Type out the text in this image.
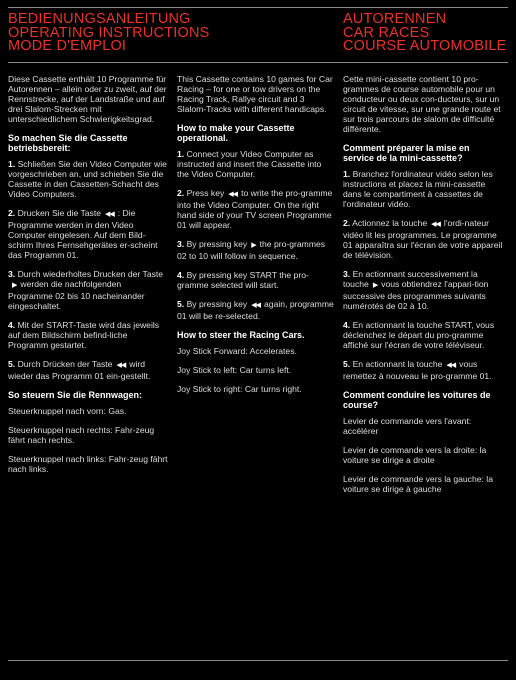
BEDIENUNGSANLEITUNG
OPERATING INSTRUCTIONS
MODE D'EMPLOI
AUTORENNEN
CAR RACES
COURSE AUTOMOBILE

Diese Cassette enthält 10 Programme für Autorennen – allein oder zu zweit, auf der Rennstrecke, auf der Landstraße und auf drei Slalom-Strecken mit unterschiedlichem Schwierigkeitsgrad.

So machen Sie die Cassette betriebsbereit:

1. Schließen Sie den Video Computer wie vorgeschrieben an, und schieben Sie die Cassette in den Cassetten-Schacht des Video Computers.

2. Drucken Sie die Taste ◀◀ : Die Programme werden in den Video Computer eingelesen. Auf dem Bild-schirm Ihres Fernsehgerätes er-scheint das Programm 01.

3. Durch wiederholtes Drucken der Taste▶ werden die nachfolgenden Programme 02 bis 10 nacheinander eingeschaltet.

4. Mit der START-Taste wird das jeweils auf dem Bildschirm befind-liche Programm gestartet.

5. Durch Drücken der Taste ◀◀ wird wieder das Programm 01 ein-gestellt.

So steuern Sie die Rennwagen:

Steuerknuppel nach vorn: Gas.

Steuerknuppel nach rechts: Fahr-zeug fährt nach rechts.

Steuerknuppel nach links: Fahr-zeug fährt nach links.

This Cassette contains 10 games for Car Racing – for one or tow drivers on the Racing Track, Rallye circuit and 3 Slalom-Tracks with different handicaps.

How to make your Cassette operational.

1. Connect your Video Computer as instructed and insert the Cassette into the Video Computer.

2. Press key ◀◀ to write the pro-gramme into the Video Computer. On the right hand side of your TV screen Programme 01 will appear.

3. By pressing key ▶ the pro-grammes 02 to 10 will follow in sequence.

4. By pressing key START the pro-gramme selected will start.

5. By pressing key ◀◀ again, programme 01 will be re-selected.

How to steer the Racing Cars.

Joy Stick Forward: Accelerates.

Joy Stick to left: Car turns left.

Joy Stick to right: Car turns right.

Cette mini-cassette contient 10 pro-grammes de course automobile pour un conducteur ou deux con-ducteurs, sur un circuit de vitesse, sur une grande route et sur trois parcours de slalom de difficulté différente.

Comment préparer la mise en service de la mini-cassette?

1. Branchez l'ordinateur vidéo selon les instructions et placez la mini-cassette dans le compartiment à cassettes de l'ordinateur vidéo.

2. Actionnez la touche ◀◀ l'ordi-nateur vidéo lit les programmes. Le programme 01 apparaîtra sur l'écran de votre appareil de télévision.

3. En actionnant successivement la touche ▶ vous obtiendrez l'appari-tion successive des programmes suivants numérotés de 02 à 10.

4. En actionnant la touche START, vous déclenchez le départ du pro-gramme affiché sur l'écran de votre téléviseur.

5. En actionnant la touche ◀◀ vous remettez à nouveau le pro-gramme 01.

Comment conduire les voitures de course?

Levier de commande vers l'avant: accélérer

Levier de commande vers la droite: la voiture se dirige a droite

Levier de commande vers la gauche: la voiture se dirige à gauche
